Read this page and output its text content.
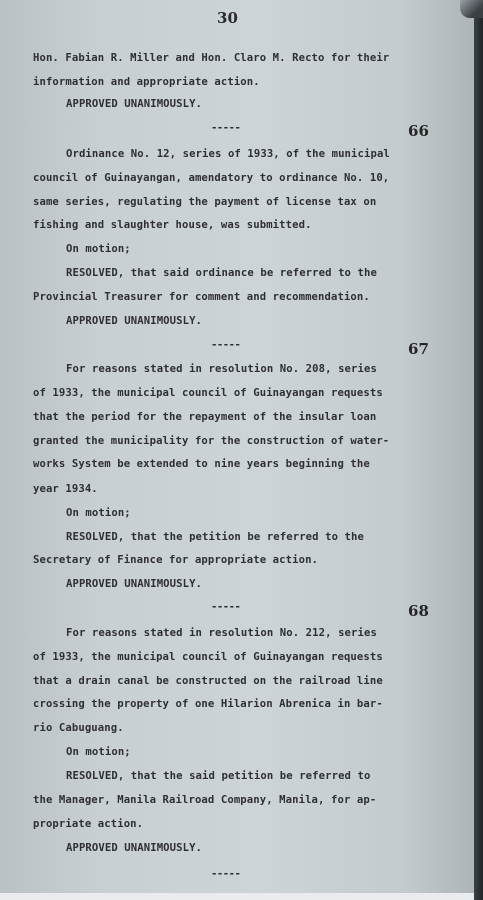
30
Hon. Fabian R. Miller and Hon. Claro M. Recto for their
information and appropriate action.
APPROVED UNANIMOUSLY.
-----	66
Ordinance No. 12, series of 1933, of the municipal
council of Guinayangan, amendatory to ordinance No. 10,
same series, regulating the payment of license tax on
fishing and slaughter house, was submitted.
On motion;
RESOLVED, that said ordinance be referred to the
Provincial Treasurer for comment and recommendation.
APPROVED UNANIMOUSLY.
-----	67
For reasons stated in resolution No. 208, series
of 1933, the municipal council of Guinayangan requests
that the period for the repayment of the insular loan
granted the municipality for the construction of water-
works System be extended to nine years beginning the
year 1934.
On motion;
RESOLVED, that the petition be referred to the
Secretary of Finance for appropriate action.
APPROVED UNANIMOUSLY.
-----	68
For reasons stated in resolution No. 212, series
of 1933, the municipal council of Guinayangan requests
that a drain canal be constructed on the railroad line
crossing the property of one Hilarion Abrenica in bar-
rio Cabuguang.
On motion;
RESOLVED, that the said petition be referred to
the Manager, Manila Railroad Company, Manila, for ap-
propriate action.
APPROVED UNANIMOUSLY.
-----
